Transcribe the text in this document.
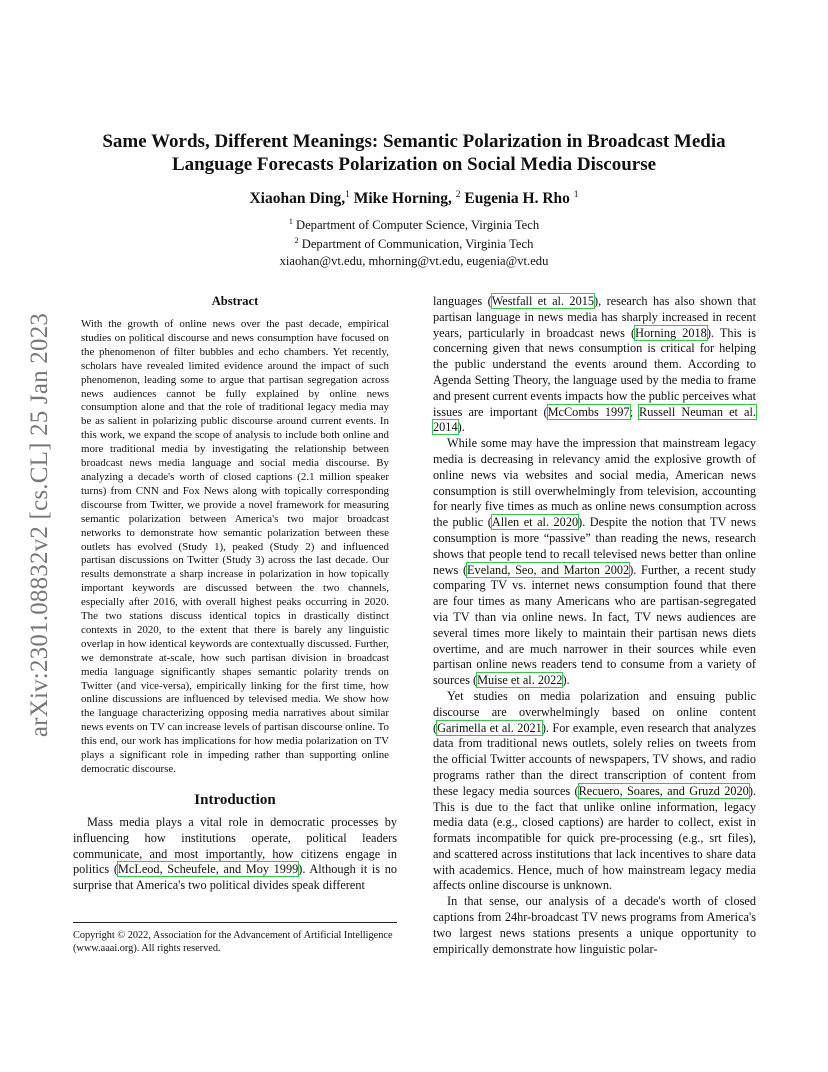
arXiv:2301.08832v2 [cs.CL] 25 Jan 2023

Same Words, Different Meanings: Semantic Polarization in Broadcast Media
Language Forecasts Polarization on Social Media Discourse

Xiaohan Ding,$^1$ Mike Horning, $^2$ Eugenia H. Rho $^1$
$^1$ Department of Computer Science, Virginia Tech
$^2$ Department of Communication, Virginia Tech
xiaohan@vt.edu, mhorning@vt.edu, eugenia@vt.edu

Abstract

With the growth of online news over the past decade, empirical studies on political discourse and news consumption have focused on the phenomenon of filter bubbles and echo chambers. Yet recently, scholars have revealed limited evidence around the impact of such phenomenon, leading some to argue that partisan segregation across news audiences cannot be fully explained by online news consumption alone and that the role of traditional legacy media may be as salient in polarizing public discourse around current events. In this work, we expand the scope of analysis to include both online and more traditional media by investigating the relationship between broadcast news media language and social media discourse. By analyzing a decade's worth of closed captions (2.1 million speaker turns) from CNN and Fox News along with topically corresponding discourse from Twitter, we provide a novel framework for measuring semantic polarization between America's two major broadcast networks to demonstrate how semantic polarization between these outlets has evolved (Study 1), peaked (Study 2) and influenced partisan discussions on Twitter (Study 3) across the last decade. Our results demonstrate a sharp increase in polarization in how topically important keywords are discussed between the two channels, especially after 2016, with overall highest peaks occurring in 2020. The two stations discuss identical topics in drastically distinct contexts in 2020, to the extent that there is barely any linguistic overlap in how identical keywords are contextually discussed. Further, we demonstrate at-scale, how such partisan division in broadcast media language significantly shapes semantic polarity trends on Twitter (and vice-versa), empirically linking for the first time, how online discussions are influenced by televised media. We show how the language characterizing opposing media narratives about similar news events on TV can increase levels of partisan discourse online. To this end, our work has implications for how media polarization on TV plays a significant role in impeding rather than supporting online democratic discourse.

Introduction

Mass media plays a vital role in democratic processes by influencing how institutions operate, political leaders communicate, and most importantly, how citizens engage in politics (McLeod, Scheufele, and Moy 1999). Although it is no surprise that America's two political divides speak different

Copyright © 2022, Association for the Advancement of Artificial Intelligence (www.aaai.org). All rights reserved.

languages (Westfall et al. 2015), research has also shown that partisan language in news media has sharply increased in recent years, particularly in broadcast news (Horning 2018). This is concerning given that news consumption is critical for helping the public understand the events around them. According to Agenda Setting Theory, the language used by the media to frame and present current events impacts how the public perceives what issues are important (McCombs 1997; Russell Neuman et al. 2014).

While some may have the impression that mainstream legacy media is decreasing in relevancy amid the explosive growth of online news via websites and social media, American news consumption is still overwhelmingly from television, accounting for nearly five times as much as online news consumption across the public (Allen et al. 2020). Despite the notion that TV news consumption is more “passive” than reading the news, research shows that people tend to recall televised news better than online news (Eveland, Seo, and Marton 2002). Further, a recent study comparing TV vs. internet news consumption found that there are four times as many Americans who are partisan-segregated via TV than via online news. In fact, TV news audiences are several times more likely to maintain their partisan news diets overtime, and are much narrower in their sources while even partisan online news readers tend to consume from a variety of sources (Muise et al. 2022).

Yet studies on media polarization and ensuing public discourse are overwhelmingly based on online content (Garimella et al. 2021). For example, even research that analyzes data from traditional news outlets, solely relies on tweets from the official Twitter accounts of newspapers, TV shows, and radio programs rather than the direct transcription of content from these legacy media sources (Recuero, Soares, and Gruzd 2020). This is due to the fact that unlike online information, legacy media data (e.g., closed captions) are harder to collect, exist in formats incompatible for quick pre-processing (e.g., srt files), and scattered across institutions that lack incentives to share data with academics. Hence, much of how mainstream legacy media affects online discourse is unknown.

In that sense, our analysis of a decade's worth of closed captions from 24hr-broadcast TV news programs from America's two largest news stations presents a unique opportunity to empirically demonstrate how linguistic polar-
